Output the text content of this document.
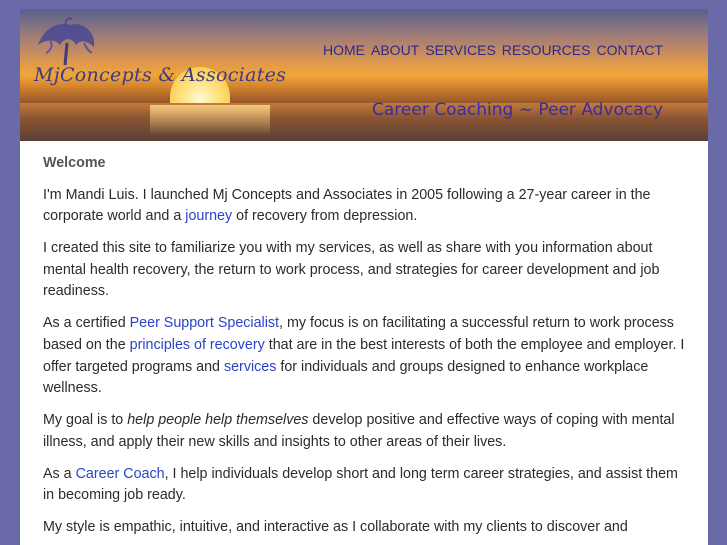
MjConcepts & Associates
HOME ABOUT SERVICES RESOURCES CONTACT
Career Coaching ~ Peer Advocacy
Welcome

I'm Mandi Luis. I launched Mj Concepts and Associates in 2005 following a 27-year career in the corporate world and a journey of recovery from depression.

I created this site to familiarize you with my services, as well as share with you information about mental health recovery, the return to work process, and strategies for career development and job readiness.

As a certified Peer Support Specialist, my focus is on facilitating a successful return to work process based on the principles of recovery that are in the best interests of both the employee and employer. I offer targeted programs and services for individuals and groups designed to enhance workplace wellness.

My goal is to help people help themselves develop positive and effective ways of coping with mental illness, and apply their new skills and insights to other areas of their lives.

As a Career Coach, I help individuals develop short and long term career strategies, and assist them in becoming job ready.

My style is empathic, intuitive, and interactive as I collaborate with my clients to discover and
